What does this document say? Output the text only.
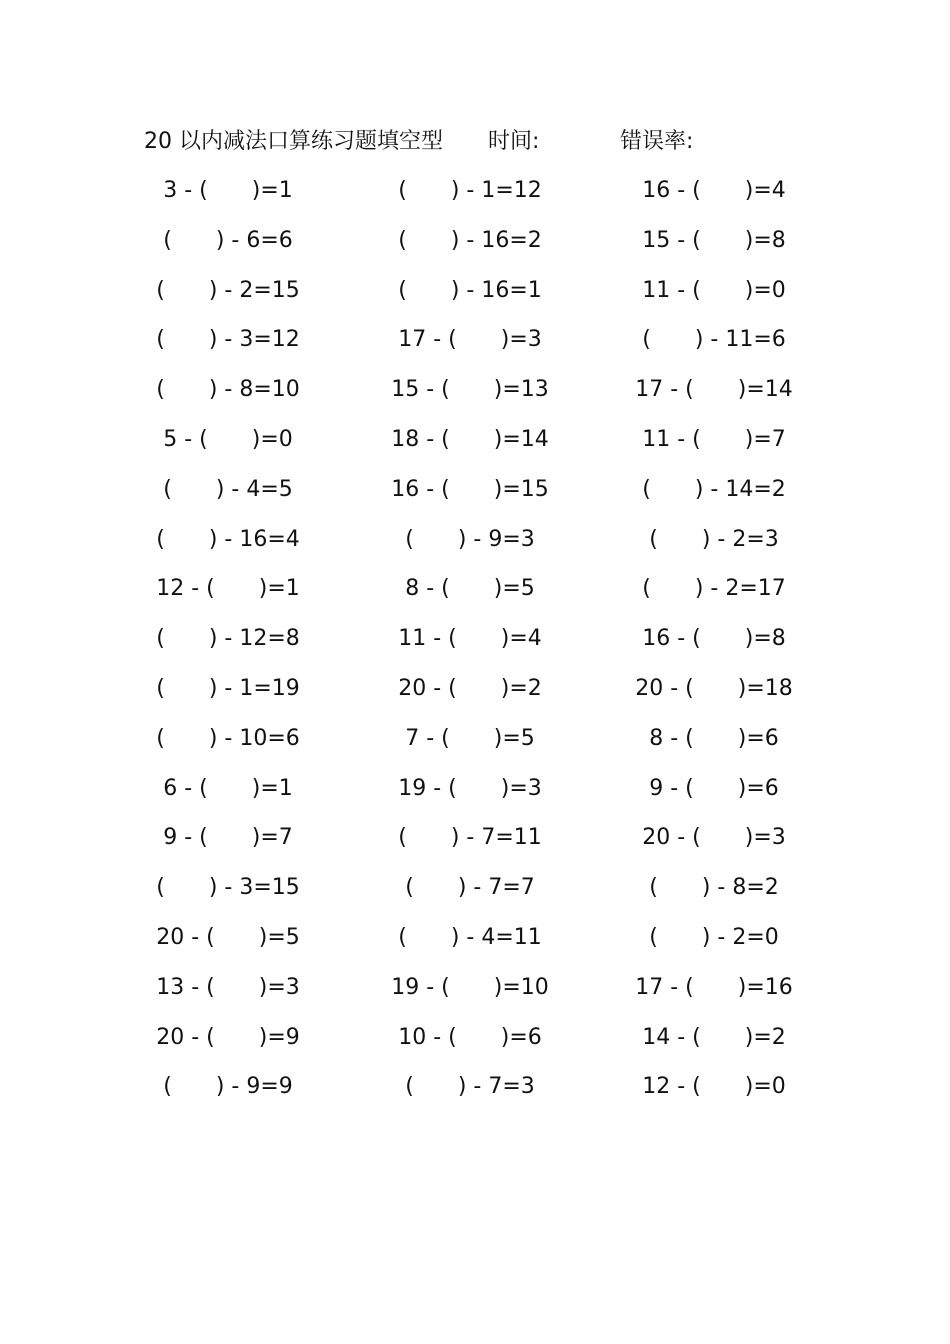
20 以内减法口算练习题填空型 时间:	错误率:
3 - (　　)=1	(　　) - 1=12	16 - (　　)=4
(　　) - 6=6	(　　) - 16=2	15 - (　　)=8
(　　) - 2=15	(　　) - 16=1	11 - (　　)=0
(　　) - 3=12	17 - (　　)=3	(　　) - 11=6
(　　) - 8=10	15 - (　　)=13	17 - (　　)=14
5 - (　　)=0	18 - (　　)=14	11 - (　　)=7
(　　) - 4=5	16 - (　　)=15	(　　) - 14=2
(　　) - 16=4	(　　) - 9=3	(　　) - 2=3
12 - (　　)=1	8 - (　　)=5	(　　) - 2=17
(　　) - 12=8	11 - (　　)=4	16 - (　　)=8
(　　) - 1=19	20 - (　　)=2	20 - (　　)=18
(　　) - 10=6	7 - (　　)=5	8 - (　　)=6
6 - (　　)=1	19 - (　　)=3	9 - (　　)=6
9 - (　　)=7	(　　) - 7=11	20 - (　　)=3
(　　) - 3=15	(　　) - 7=7	(　　) - 8=2
20 - (　　)=5	(　　) - 4=11	(　　) - 2=0
13 - (　　)=3	19 - (　　)=10	17 - (　　)=16
20 - (　　)=9	10 - (　　)=6	14 - (　　)=2
(　　) - 9=9	(　　) - 7=3	12 - (　　)=0
